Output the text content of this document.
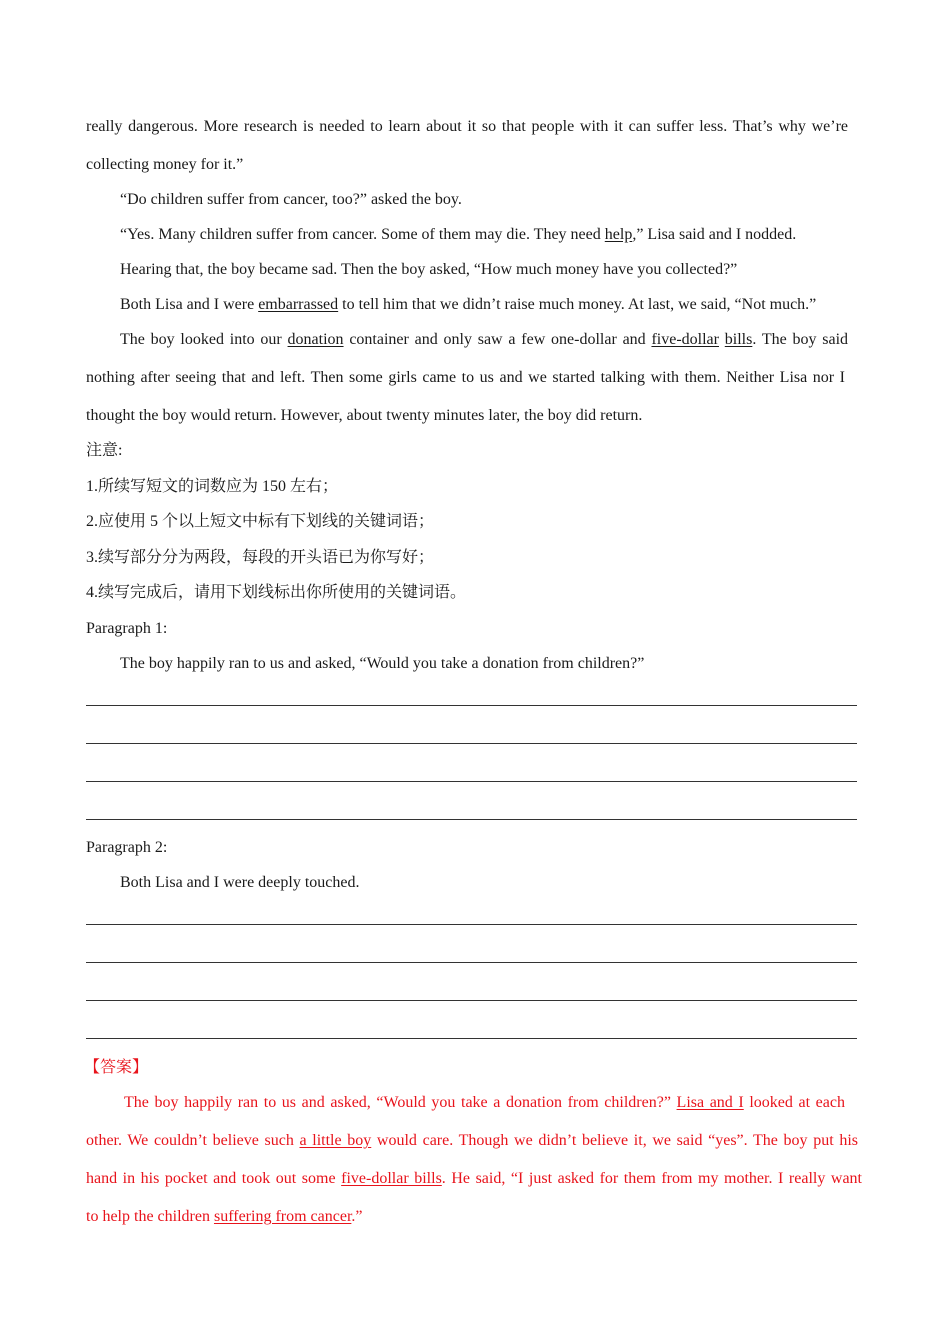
really dangerous. More research is needed to learn about it so that people with it can suffer less. That’s why we’re
collecting money for it.”
“Do children suffer from cancer, too?” asked the boy.
“Yes. Many children suffer from cancer. Some of them may die. They need help,” Lisa said and I nodded.
Hearing that, the boy became sad. Then the boy asked, “How much money have you collected?”
Both Lisa and I were embarrassed to tell him that we didn’t raise much money. At last, we said, “Not much.”
The boy looked into our donation container and only saw a few one-dollar and five-dollar bills. The boy said
nothing after seeing that and left. Then some girls came to us and we started talking with them. Neither Lisa nor I
thought the boy would return. However, about twenty minutes later, the boy did return.
注意:
1.所续写短文的词数应为 150 左右；
2.应使用 5 个以上短文中标有下划线的关键词语；
3.续写部分分为两段，每段的开头语已为你写好；
4.续写完成后，请用下划线标出你所使用的关键词语。
Paragraph 1:
The boy happily ran to us and asked, “Would you take a donation from children?”
Paragraph 2:
Both Lisa and I were deeply touched.
【答案】
The boy happily ran to us and asked, “Would you take a donation from children?” Lisa and I looked at each
other. We couldn’t believe such a little boy would care. Though we didn’t believe it, we said “yes”. The boy put his
hand in his pocket and took out some five-dollar bills. He said, “I just asked for them from my mother. I really want
to help the children suffering from cancer.”
